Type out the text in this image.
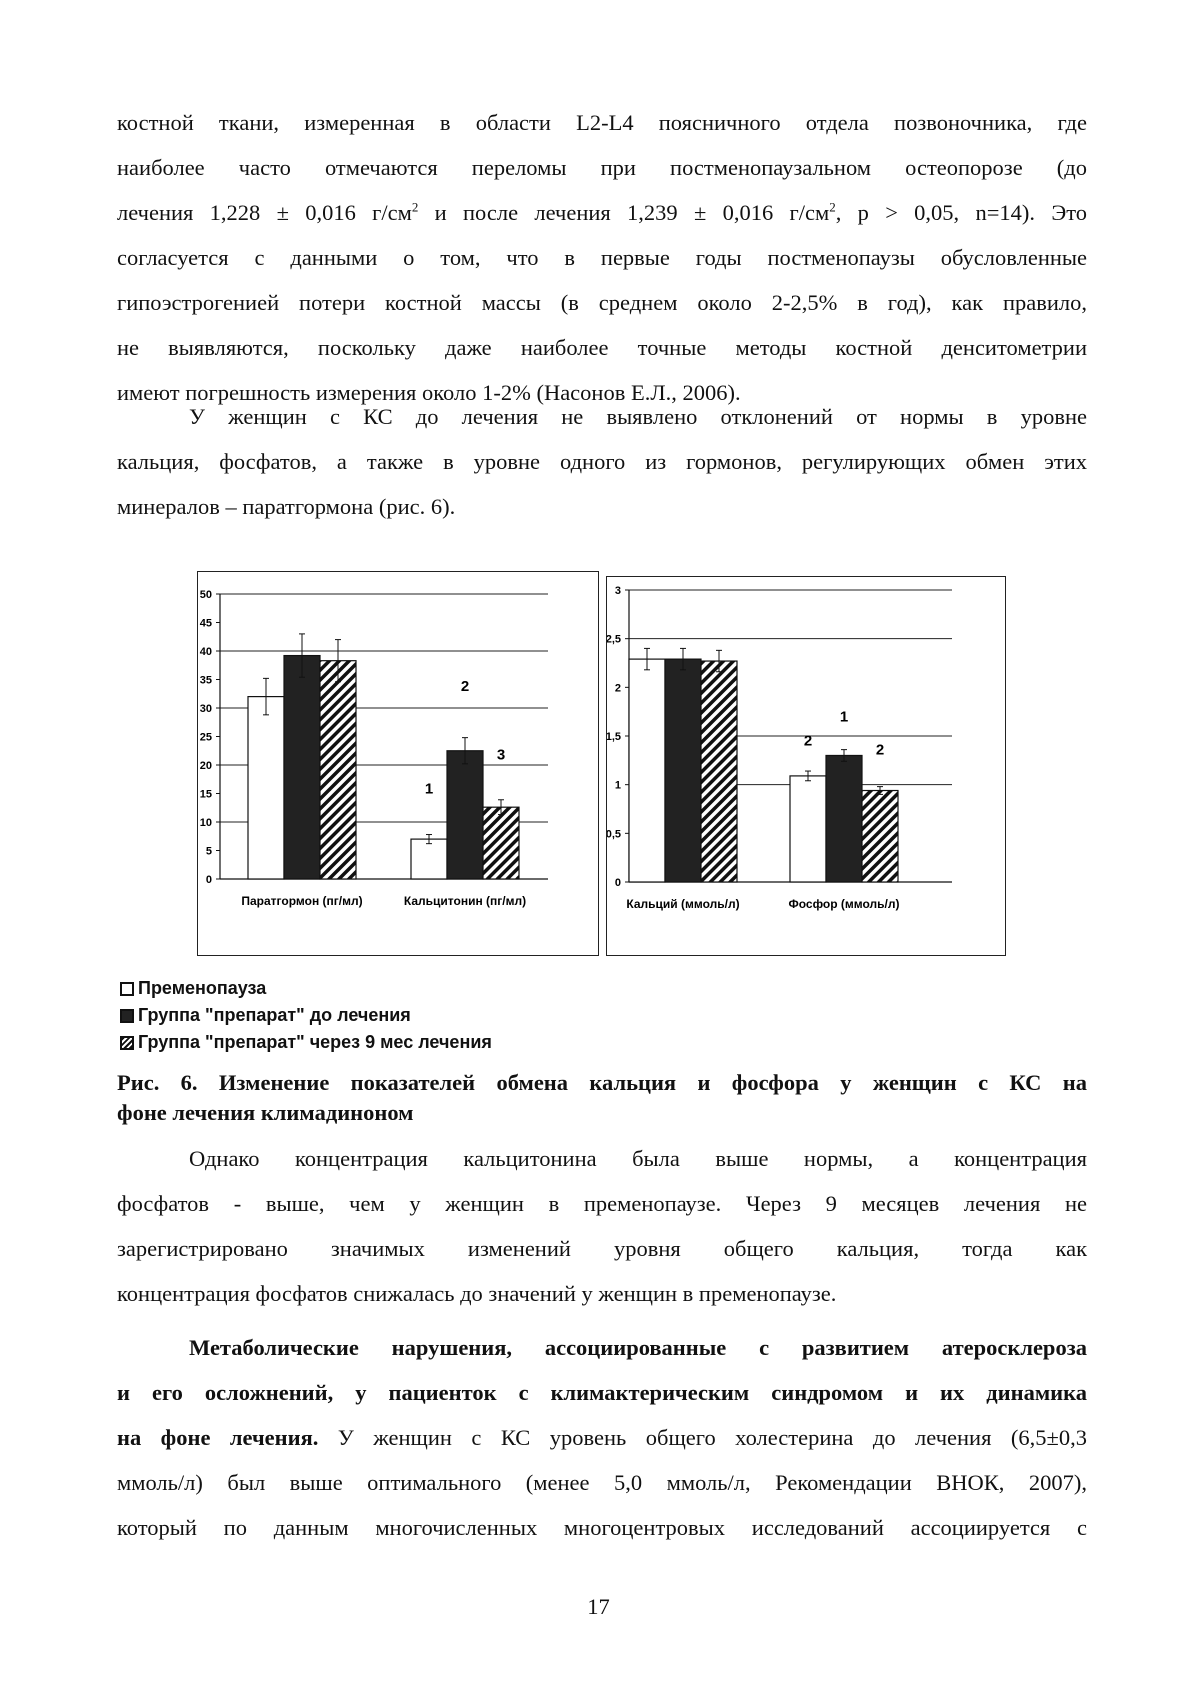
костной ткани, измеренная в области L2-L4 поясничного отдела позвоночника, где
наиболее часто отмечаются переломы при постменопаузальном остеопорозе (до
лечения 1,228 ± 0,016 $г/см^2$ и после лечения 1,239 ± 0,016 $г/см^2$, p > 0,05, n=14). Это
согласуется с данными о том, что в первые годы постменопаузы обусловленные
гипоэстрогенией потери костной массы (в среднем около 2-2,5% в год), как правило,
не выявляются, поскольку даже наиболее точные методы костной денситометрии
имеют погрешность измерения около 1-2% (Насонов Е.Л., 2006).
У женщин с КС до лечения не выявлено отклонений от нормы в уровне
кальция, фосфатов, а также в уровне одного из гормонов, регулирующих обмен этих
минералов – паратгормона (рис. 6).
0
5
10
15
20
25
30
35
40
45
50
Паратгормон (пг/мл)	Кальцитонин (пг/мл)
1
2
3
0
0,5
1
1,5
2
2,5
3
Кальций (ммоль/л)	Фосфор (ммоль/л)
2
1
2
Пременопауза
Группа "препарат" до лечения
Группа "препарат" через 9 мес лечения
Рис. 6. Изменение показателей обмена кальция и фосфора у женщин с КС на
фоне лечения климадиноном
Однако концентрация кальцитонина была выше нормы, а концентрация
фосфатов - выше, чем у женщин в пременопаузе. Через 9 месяцев лечения не
зарегистрировано значимых изменений уровня общего кальция, тогда как
концентрация фосфатов снижалась до значений у женщин в пременопаузе.
Метаболические нарушения, ассоциированные с развитием атеросклероза
и его осложнений, у пациенток с климактерическим синдромом и их динамика
на фоне лечения. У женщин с КС уровень общего холестерина до лечения (6,5±0,3
ммоль/л) был выше оптимального (менее 5,0 ммоль/л, Рекомендации ВНОК, 2007),
который по данным многочисленных многоцентровых исследований ассоциируется с
17
